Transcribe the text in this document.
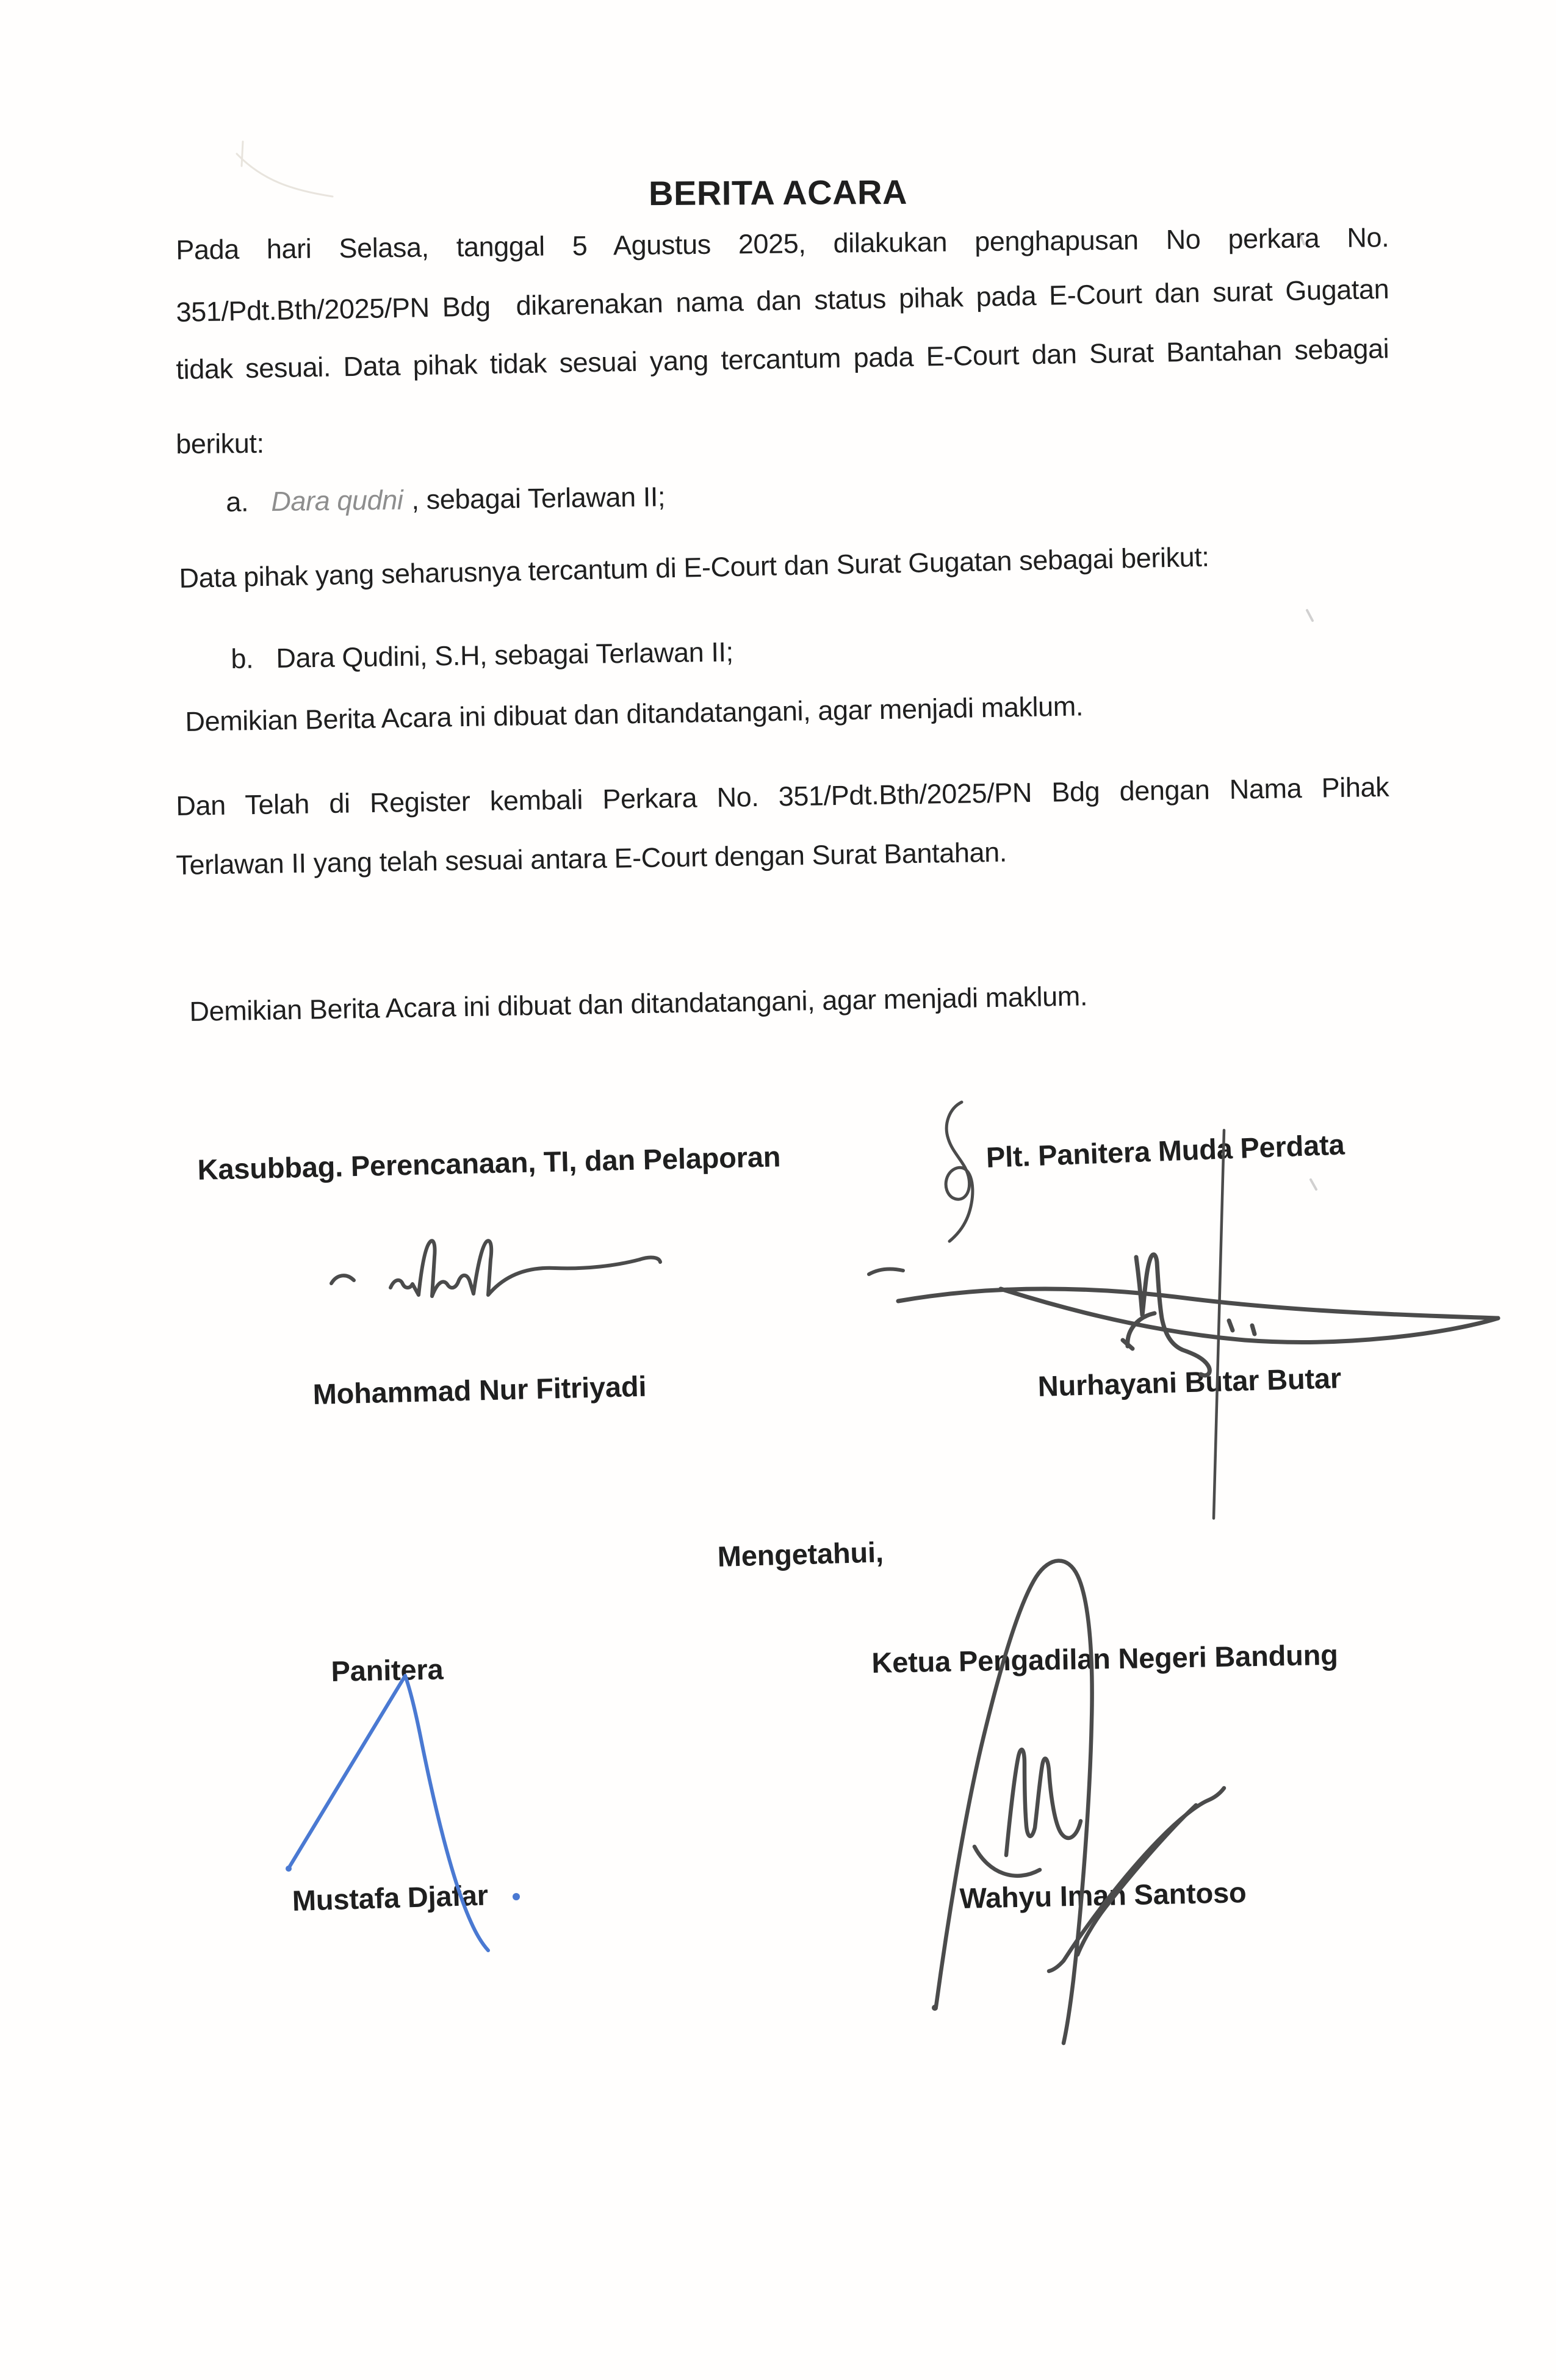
BERITA ACARA
Pada hari Selasa, tanggal 5 Agustus 2025, dilakukan penghapusan No perkara No.
351/Pdt.Bth/2025/PN Bdg  dikarenakan nama dan status pihak pada E-Court dan surat Gugatan
tidak sesuai. Data pihak tidak sesuai yang tercantum pada E-Court dan Surat Bantahan sebagai
berikut:
a. Dara qudni , sebagai Terlawan II;
Data pihak yang seharusnya tercantum di E-Court dan Surat Gugatan sebagai berikut:
b. Dara Qudini, S.H, sebagai Terlawan II;
Demikian Berita Acara ini dibuat dan ditandatangani, agar menjadi maklum.
Dan Telah di Register kembali Perkara No. 351/Pdt.Bth/2025/PN Bdg dengan Nama Pihak
Terlawan II yang telah sesuai antara E-Court dengan Surat Bantahan.
Demikian Berita Acara ini dibuat dan ditandatangani, agar menjadi maklum.
Kasubbag. Perencanaan, TI, dan Pelaporan	Plt. Panitera Muda Perdata
Mohammad Nur Fitriyadi	Nurhayani Butar Butar
Mengetahui,
Panitera	Ketua Pengadilan Negeri Bandung
Mustafa Djafar	Wahyu Iman Santoso
